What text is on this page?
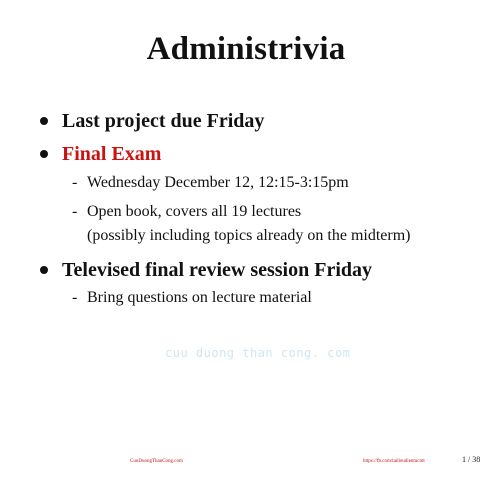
Administrivia
Last project due Friday
Final Exam
- Wednesday December 12, 12:15-3:15pm
- Open book, covers all 19 lectures
(possibly including topics already on the midterm)
Televised final review session Friday
- Bring questions on lecture material
cuu duong than cong. com
CuuDuongThanCong.com	https://fb.com/tailieudientucntt	1 / 38
